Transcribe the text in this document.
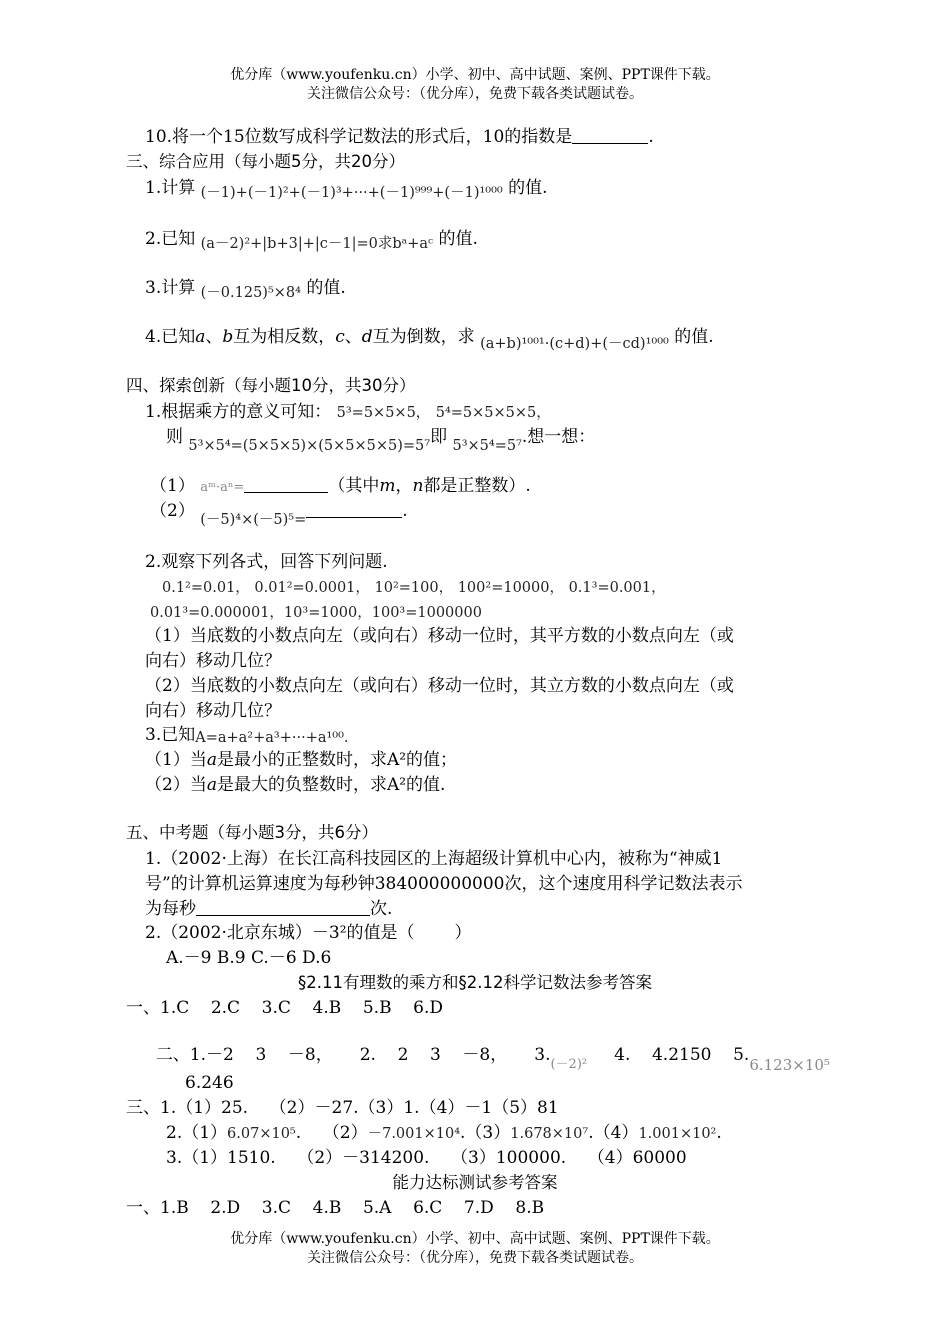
优分库（www.youfenku.cn）小学、初中、高中试题、案例、PPT课件下载。
关注微信公众号：（优分库），免费下载各类试题试卷。
10.将一个15位数写成科学记数法的形式后，10的指数是	.
三、综合应用（每小题5分，共20分）
1.计算 (－1)+(－1)²+(－1)³+···+(－1)⁹⁹⁹+(－1)¹⁰⁰⁰ 的值.
2.已知 (a－2)²+|b+3|+|c－1|=0求bᵃ+aᶜ 的值.
3.计算 (－0.125)⁵×8⁴ 的值.
4.已知a、b互为相反数，c、d互为倒数，求 (a+b)¹⁰⁰¹·(c+d)+(－cd)¹⁰⁰⁰ 的值.
四、探索创新（每小题10分，共30分）
1.根据乘方的意义可知： 5³=5×5×5， 5⁴=5×5×5×5，
则 5³×5⁴=(5×5×5)×(5×5×5×5)=5⁷即 5³×5⁴=5⁷.想一想：
（1） aᵐ·aⁿ=	（其中m，n都是正整数）.
（2） (－5)⁴×(－5)⁵=	.
2.观察下列各式，回答下列问题.
0.1²=0.01， 0.01²=0.0001， 10²=100， 100²=10000， 0.1³=0.001，
0.01³=0.000001，10³=1000，100³=1000000
（1）当底数的小数点向左（或向右）移动一位时，其平方数的小数点向左（或
向右）移动几位？
（2）当底数的小数点向左（或向右）移动一位时，其立方数的小数点向左（或
向右）移动几位？
3.已知A=a+a²+a³+···+a¹⁰⁰.
（1）当a是最小的正整数时，求A²的值；
（2）当a是最大的负整数时，求A²的值.
五、中考题（每小题3分，共6分）
1.（2002·上海）在长江高科技园区的上海超级计算机中心内，被称为“神威1
号”的计算机运算速度为每秒钟384000000000次，这个速度用科学记数法表示
为每秒	次.
2.（2002·北京东城）－3²的值是（ ）
A.－9 B.9 C.－6 D.6
§2.11有理数的乘方和§2.12科学记数法参考答案
一、1.C    2.C    3.C    4.B    5.B    6.D

二、1.－2    3    －8，     2.    2    3    －8，     $3._{(-2)^2}$ 4.    4.2150    5.6.123×10⁵

6.246
三、1.（1）25.    （2）－27.（3）1.（4）－1（5）81
2.（1）6.07×10⁵.    （2）－7.001×10⁴.（3）1.678×10⁷.（4）1.001×10².
3.（1）1510.    （2）－314200.    （3）100000.    （4）60000
能力达标测试参考答案
一、1.B    2.D    3.C    4.B    5.A    6.C    7.D    8.B
优分库（www.youfenku.cn）小学、初中、高中试题、案例、PPT课件下载。
关注微信公众号：（优分库），免费下载各类试题试卷。
